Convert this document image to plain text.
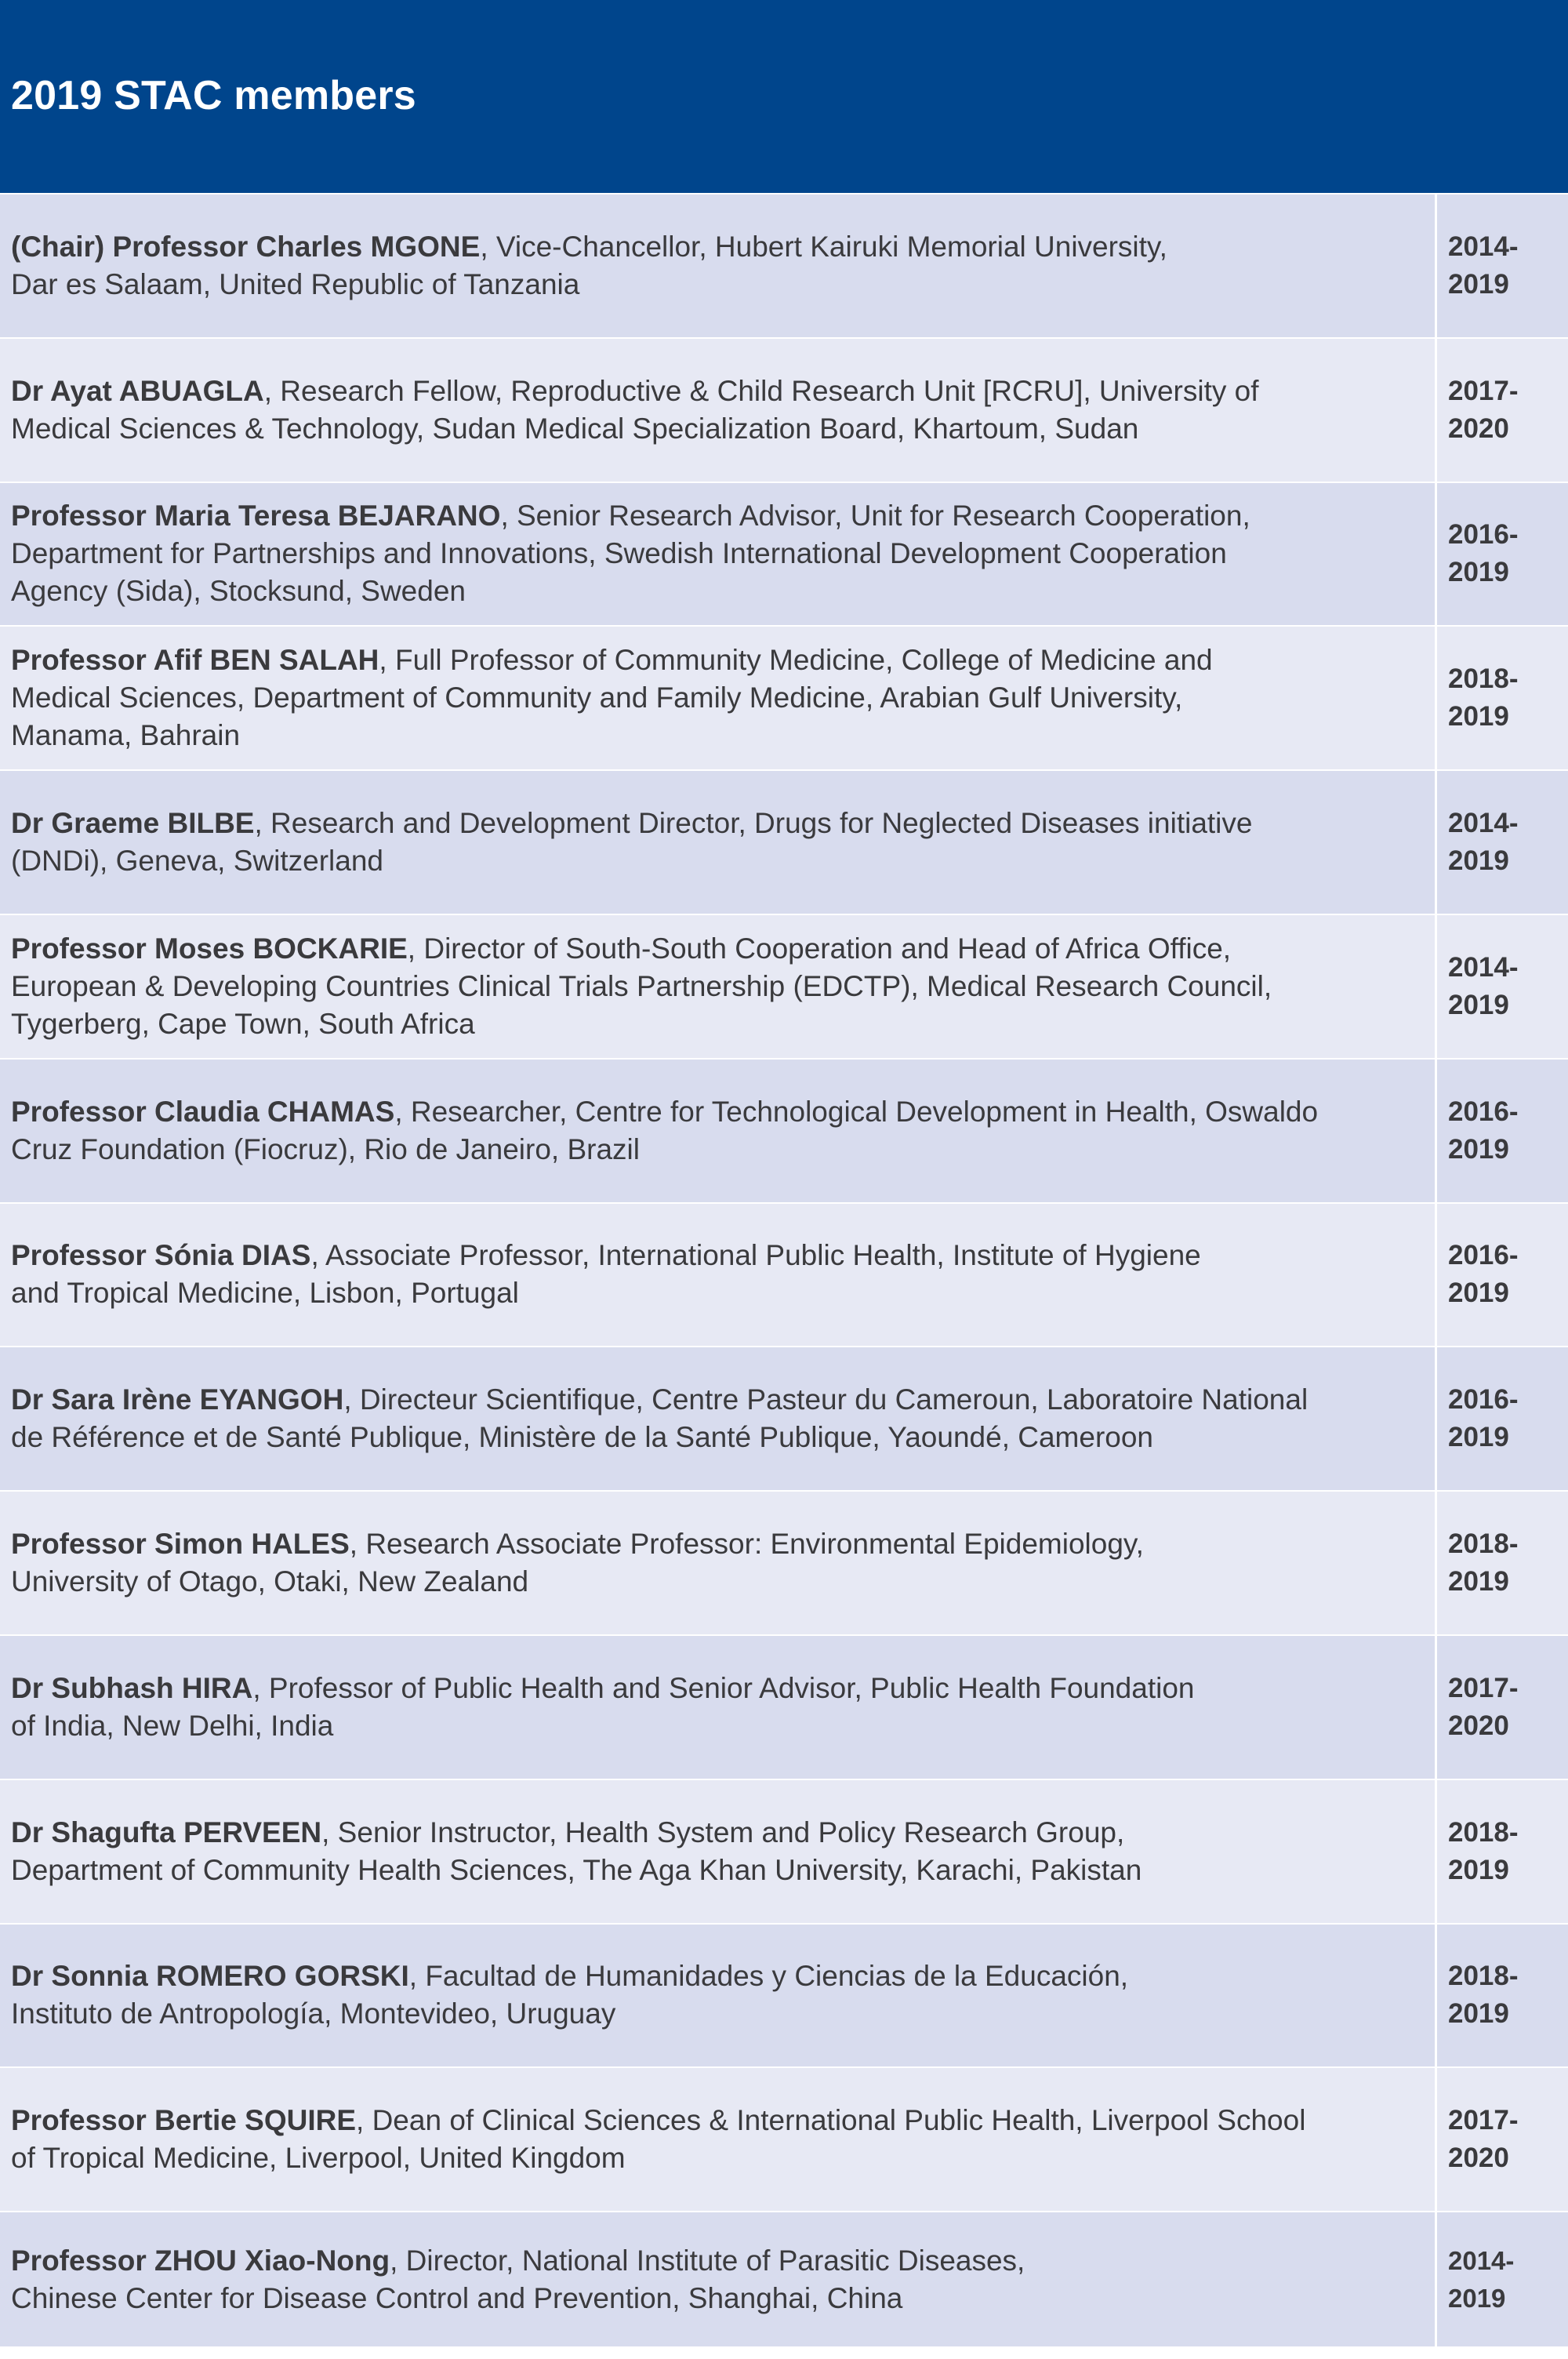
2019 STAC members
(Chair) Professor Charles MGONE, Vice-Chancellor, Hubert Kairuki Memorial University,
Dar es Salaam, United Republic of Tanzania
2014-
2019
Dr Ayat ABUAGLA, Research Fellow, Reproductive & Child Research Unit [RCRU], University of
Medical Sciences & Technology, Sudan Medical Specialization Board, Khartoum, Sudan
2017-
2020
Professor Maria Teresa BEJARANO, Senior Research Advisor, Unit for Research Cooperation,
Department for Partnerships and Innovations, Swedish International Development Cooperation
Agency (Sida), Stocksund, Sweden
2016-
2019
Professor Afif BEN SALAH, Full Professor of Community Medicine, College of Medicine and
Medical Sciences, Department of Community and Family Medicine, Arabian Gulf University,
Manama, Bahrain
2018-
2019
Dr Graeme BILBE, Research and Development Director, Drugs for Neglected Diseases initiative
(DNDi), Geneva, Switzerland
2014-
2019
Professor Moses BOCKARIE, Director of South-South Cooperation and Head of Africa Office,
European & Developing Countries Clinical Trials Partnership (EDCTP), Medical Research Council,
Tygerberg, Cape Town, South Africa
2014-
2019
Professor Claudia CHAMAS, Researcher, Centre for Technological Development in Health, Oswaldo
Cruz Foundation (Fiocruz), Rio de Janeiro, Brazil
2016-
2019
Professor Sónia DIAS, Associate Professor, International Public Health, Institute of Hygiene
and Tropical Medicine, Lisbon, Portugal
2016-
2019
Dr Sara Irène EYANGOH, Directeur Scientifique, Centre Pasteur du Cameroun, Laboratoire National
de Référence et de Santé Publique, Ministère de la Santé Publique, Yaoundé, Cameroon
2016-
2019
Professor Simon HALES, Research Associate Professor: Environmental Epidemiology,
University of Otago, Otaki, New Zealand
2018-
2019
Dr Subhash HIRA, Professor of Public Health and Senior Advisor, Public Health Foundation
of India, New Delhi, India
2017-
2020
Dr Shagufta PERVEEN, Senior Instructor, Health System and Policy Research Group,
Department of Community Health Sciences, The Aga Khan University, Karachi, Pakistan
2018-
2019
Dr Sonnia ROMERO GORSKI, Facultad de Humanidades y Ciencias de la Educación,
Instituto de Antropología, Montevideo, Uruguay
2018-
2019
Professor Bertie SQUIRE, Dean of Clinical Sciences & International Public Health, Liverpool School
of Tropical Medicine, Liverpool, United Kingdom
2017-
2020
Professor ZHOU Xiao-Nong, Director, National Institute of Parasitic Diseases,
Chinese Center for Disease Control and Prevention, Shanghai, China
2014-
2019
